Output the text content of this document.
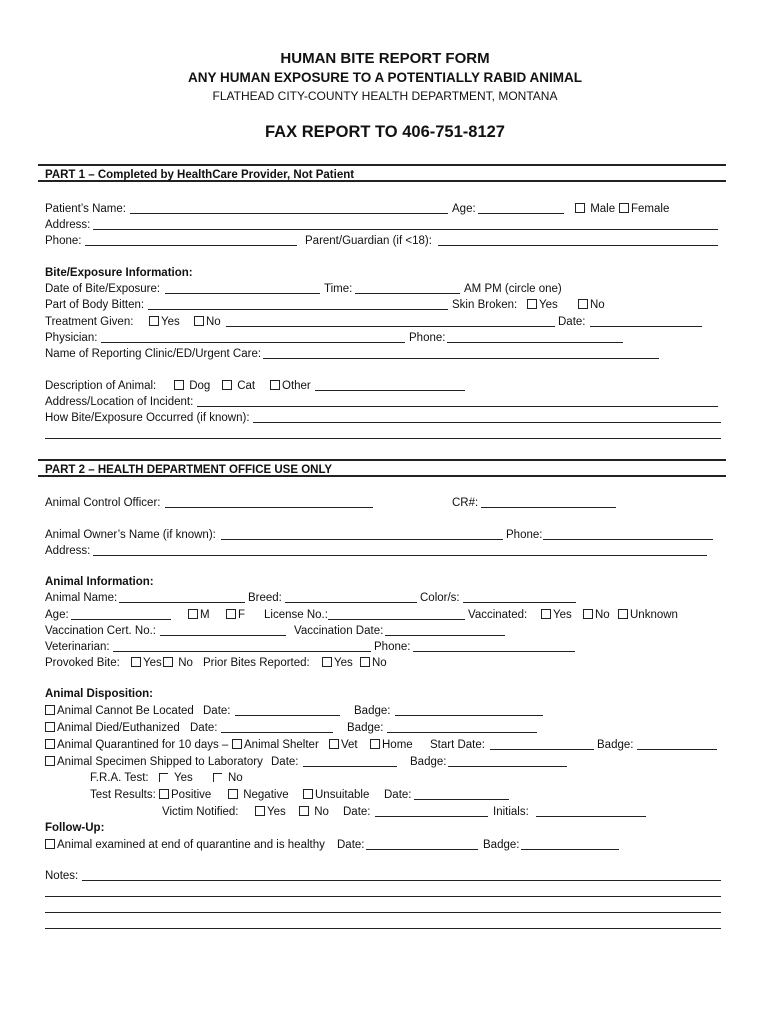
HUMAN BITE REPORT FORM
ANY HUMAN EXPOSURE TO A POTENTIALLY RABID ANIMAL
FLATHEAD CITY-COUNTY HEALTH DEPARTMENT, MONTANA
FAX REPORT TO 406-751-8127
PART 1 – Completed by HealthCare Provider, Not Patient
Patient’s Name:	Age:	Male	Female
Address:
Phone:	Parent/Guardian (if <18):
Bite/Exposure Information:
Date of Bite/Exposure:	Time:	AM PM (circle one)
Part of Body Bitten:	Skin Broken:	Yes	No
Treatment Given:	Yes	No	Date:
Physician:	Phone:
Name of Reporting Clinic/ED/Urgent Care:
Description of Animal:	Dog	Cat	Other
Address/Location of Incident:
How Bite/Exposure Occurred (if known):
PART 2 – HEALTH DEPARTMENT OFFICE USE ONLY
Animal Control Officer:	CR#:
Animal Owner’s Name (if known):	Phone:
Address:
Animal Information:
Animal Name:	Breed:	Color/s:
Age:	M	F License No.:	Vaccinated:	Yes	No	Unknown
Vaccination Cert. No.:	Vaccination Date:
Veterinarian:	Phone:
Provoked Bite:	Yes	No Prior Bites Reported:	Yes	No
Animal Disposition:
Animal Cannot Be Located Date:	Badge:
Animal Died/Euthanized Date:	Badge:
Animal Quarantined for 10 days –	Animal Shelter	Vet	Home Start Date:	Badge:
Animal Specimen Shipped to Laboratory Date:	Badge:
F.R.A. Test:	Yes	No
Test Results:	Positive	Negative	Unsuitable Date:
Victim Notified:	Yes	No Date:	Initials:
Follow-Up:
Animal examined at end of quarantine and is healthy Date:	Badge:
Notes:
